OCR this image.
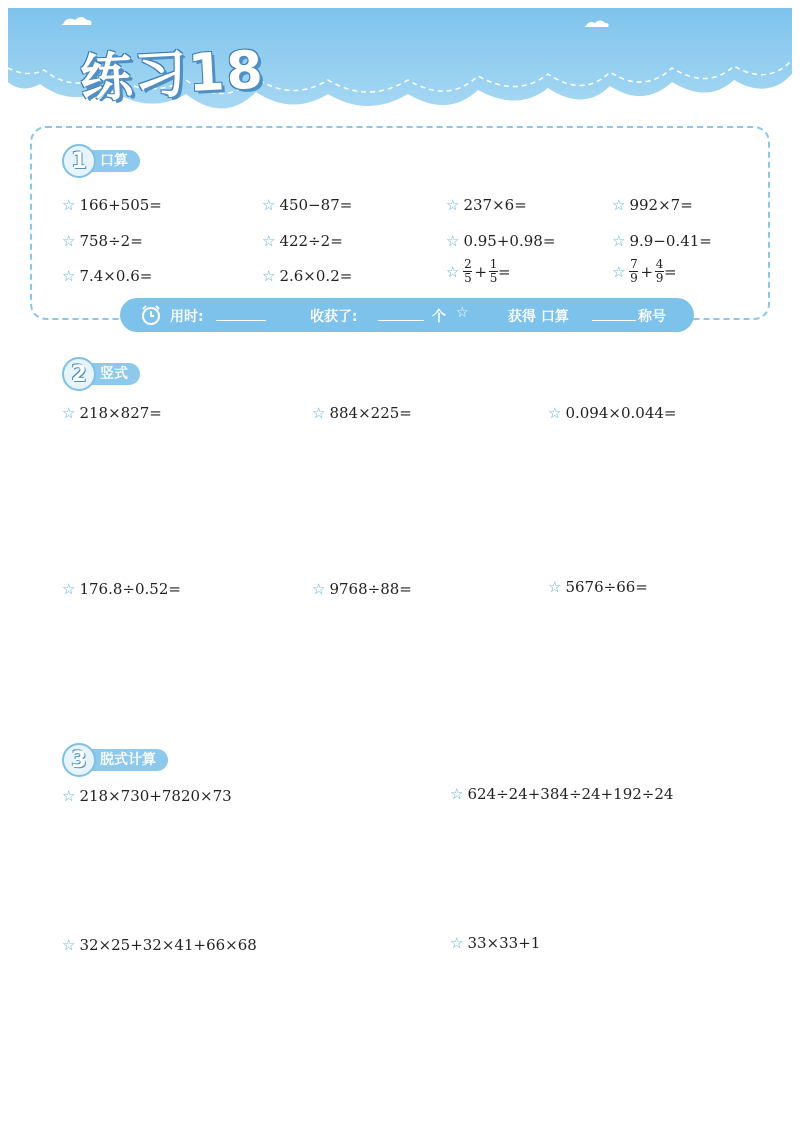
练习18
1 口算
☆ 166+505=	☆ 450−87=	☆ 237×6=	☆ 992×7=
☆ 758÷2=	☆ 422÷2=	☆ 0.95+0.98=	☆ 9.9−0.41=
☆ 7.4×0.6=	☆ 2.6×0.2=	☆ $\frac{2}{5} + \frac{1}{5}$ =	☆ $\frac{7}{9} + \frac{4}{9}$ =
用时:	收获了:	个 ☆	获得 口算	称号
2 竖式
☆ 218×827=	☆ 884×225=	☆ 0.094×0.044=
☆ 176.8÷0.52=	☆ 9768÷88=	☆ 5676÷66=
3 脱式计算
☆ 218×730+7820×73	☆ 624÷24+384÷24+192÷24
☆ 32×25+32×41+66×68	☆ 33×33+1
